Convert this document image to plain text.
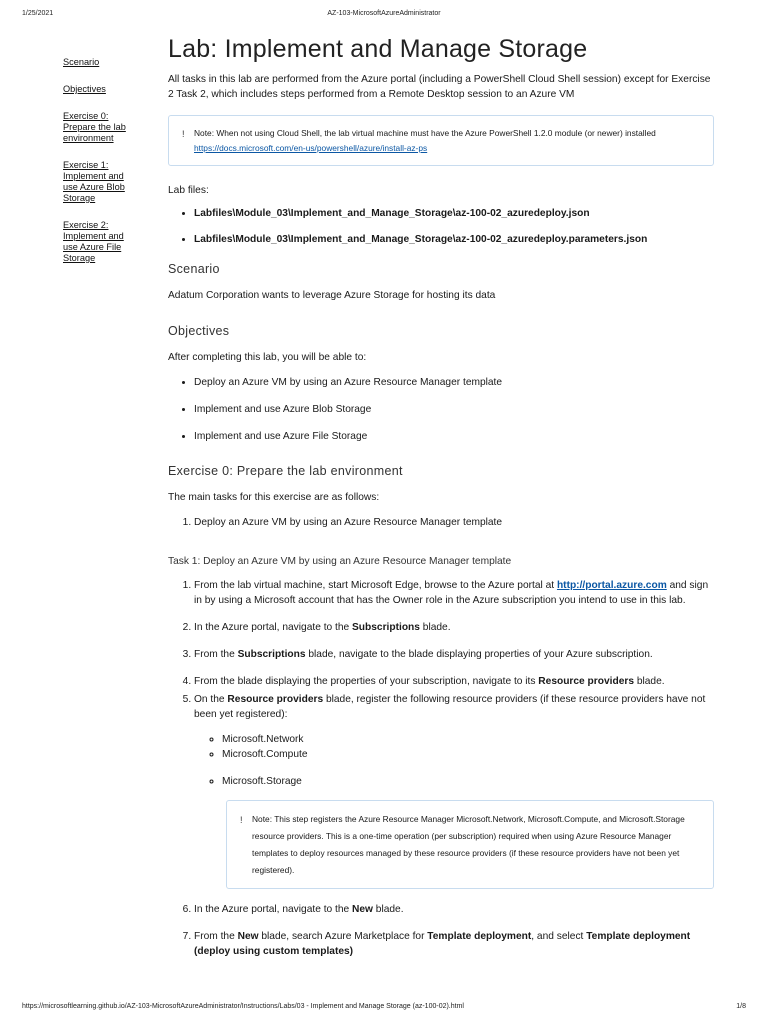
1/25/2021	AZ-103-MicrosoftAzureAdministrator
Scenario
Objectives
Exercise 0: Prepare the lab environment
Exercise 1: Implement and use Azure Blob Storage
Exercise 2: Implement and use Azure File Storage
Lab: Implement and Manage Storage

All tasks in this lab are performed from the Azure portal (including a PowerShell Cloud Shell session) except for Exercise 2 Task 2, which includes steps performed from a Remote Desktop session to an Azure VM

! Note: When not using Cloud Shell, the lab virtual machine must have the Azure PowerShell 1.2.0 module (or newer) installed
https://docs.microsoft.com/en-us/powershell/azure/install-az-ps

Lab files:

• Labfiles\Module_03\Implement_and_Manage_Storage\az-100-02_azuredeploy.json
• Labfiles\Module_03\Implement_and_Manage_Storage\az-100-02_azuredeploy.parameters.json
Scenario

Adatum Corporation wants to leverage Azure Storage for hosting its data

Objectives

After completing this lab, you will be able to:

• Deploy an Azure VM by using an Azure Resource Manager template
• Implement and use Azure Blob Storage
• Implement and use Azure File Storage
Exercise 0: Prepare the lab environment

The main tasks for this exercise are as follows:

1. Deploy an Azure VM by using an Azure Resource Manager template

Task 1: Deploy an Azure VM by using an Azure Resource Manager template

1. From the lab virtual machine, start Microsoft Edge, browse to the Azure portal at http://portal.azure.com and sign in by using a Microsoft account that has the Owner role in the Azure subscription you intend to use in this lab.
2. In the Azure portal, navigate to the Subscriptions blade.
3. From the Subscriptions blade, navigate to the blade displaying properties of your Azure subscription.
4. From the blade displaying the properties of your subscription, navigate to its Resource providers blade.
5. On the Resource providers blade, register the following resource providers (if these resource providers have not been yet registered):
◦ Microsoft.Network
◦ Microsoft.Compute
◦ Microsoft.Storage
!	Note: This step registers the Azure Resource Manager Microsoft.Network, Microsoft.Compute, and Microsoft.Storage resource providers. This is a one-time operation (per subscription) required when using Azure Resource Manager templates to deploy resources managed by these resource providers (if these resource providers have not been yet registered).
6. In the Azure portal, navigate to the New blade.
7. From the New blade, search Azure Marketplace for Template deployment, and select Template deployment (deploy using custom templates)
https://microsoftlearning.github.io/AZ-103-MicrosoftAzureAdministrator/Instructions/Labs/03 - Implement and Manage Storage (az-100-02).html	1/8
